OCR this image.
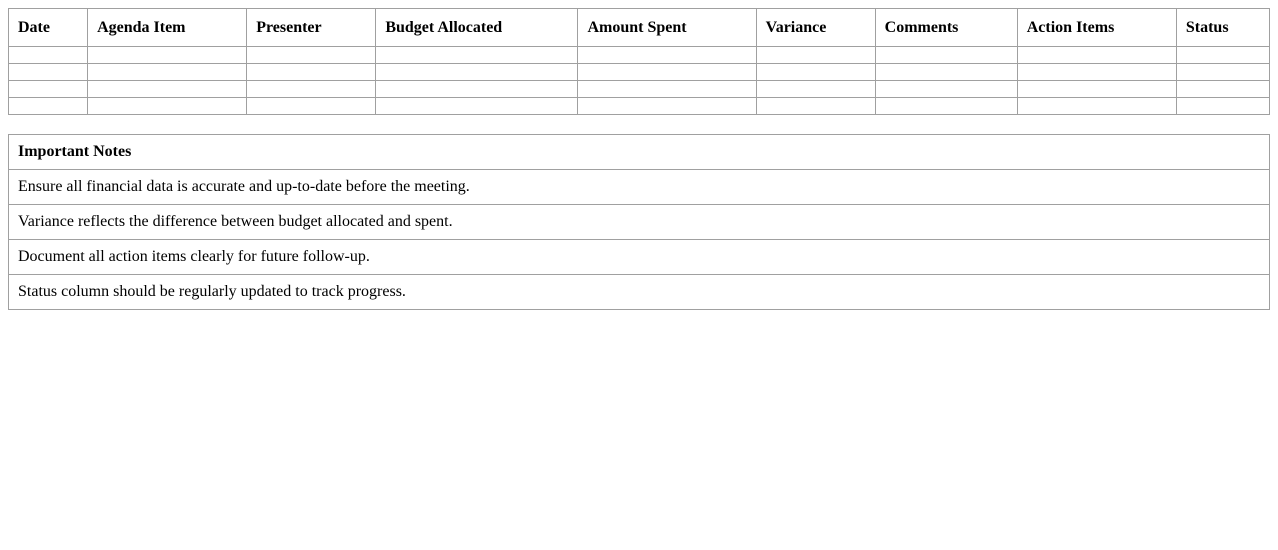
Date	Agenda Item	Presenter	Budget Allocated	Amount Spent	Variance	Comments	Action Items	Status

Important Notes
Ensure all financial data is accurate and up-to-date before the meeting.
Variance reflects the difference between budget allocated and spent.
Document all action items clearly for future follow-up.
Status column should be regularly updated to track progress.
